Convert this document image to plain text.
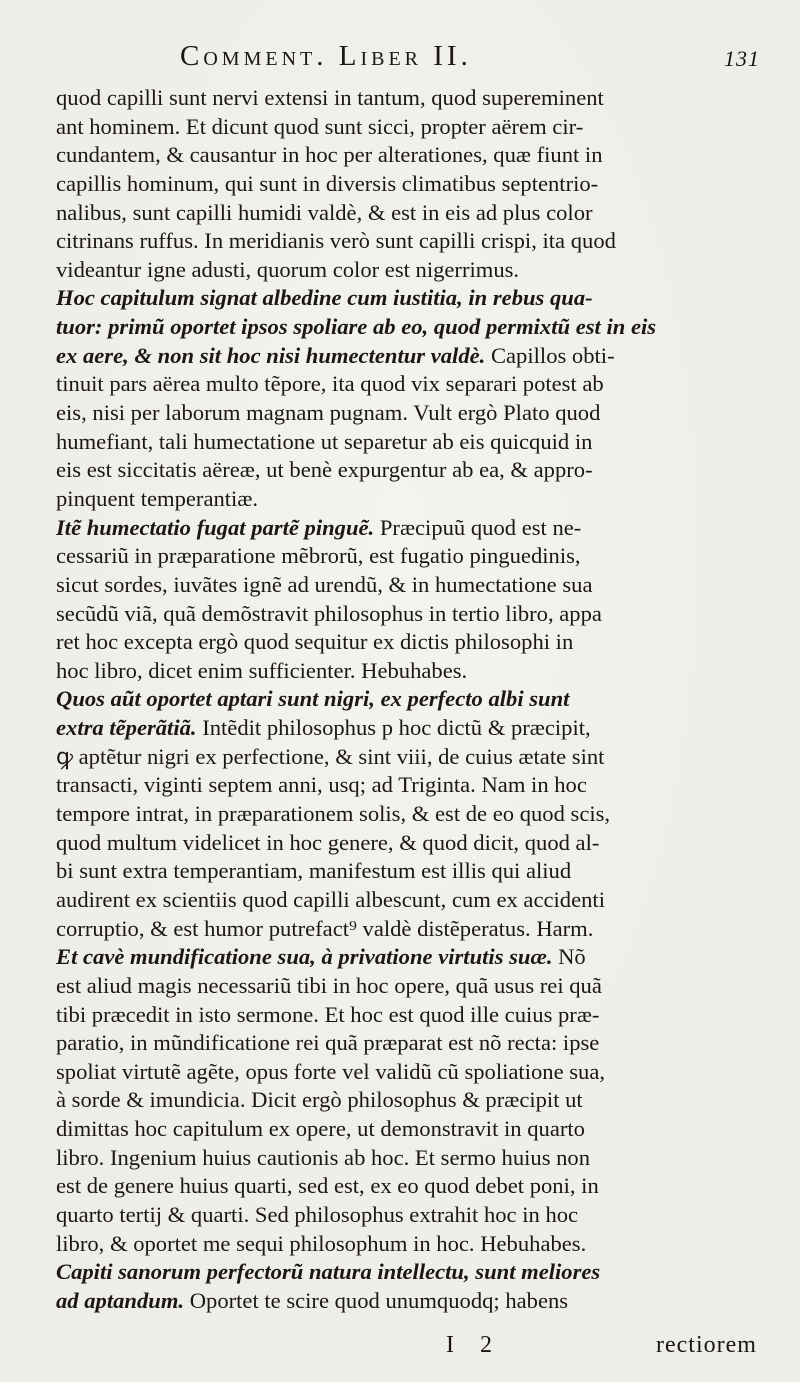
Comment. Liber II.	131
quod capilli sunt nervi extensi in tantum, quod supereminent
ant hominem. Et dicunt quod sunt sicci, propter aërem cir-
cundantem, & causantur in hoc per alterationes, quæ fiunt in
capillis hominum, qui sunt in diversis climatibus septentrio-
nalibus, sunt capilli humidi valdè, & est in eis ad plus color
citrinans ruffus. In meridianis verò sunt capilli crispi, ita quod
videantur igne adusti, quorum color est nigerrimus.
Hoc capitulum signat albedine cum iustitia, in rebus qua-
tuor: primũ oportet ipsos spoliare ab eo, quod permixtũ est in eis
ex aere, & non sit hoc nisi humectentur valdè. Capillos obti-
tinuit pars aërea multo tẽpore, ita quod vix separari potest ab
eis, nisi per laborum magnam pugnam. Vult ergò Plato quod
humefiant, tali humectatione ut separetur ab eis quicquid in
eis est siccitatis aëreæ, ut benè expurgentur ab ea, & appro-
pinquent temperantiæ.
Itẽ humectatio fugat partẽ pinguẽ. Præcipuũ quod est ne-
cessariũ in præparatione mẽbrorũ, est fugatio pinguedinis,
sicut sordes, iuvãtes ignẽ ad urendũ, & in humectatione sua
secũdũ viã, quã demõstravit philosophus in tertio libro, appa
ret hoc excepta ergò quod sequitur ex dictis philosophi in
hoc libro, dicet enim sufficienter. Hebuhabes.
Quos aũt oportet aptari sunt nigri, ex perfecto albi sunt
extra tẽperãtiã. Intẽdit philosophus p hoc dictũ & præcipit,
ꝙ aptẽtur nigri ex perfectione, & sint viii, de cuius ætate sint
transacti, viginti septem anni, usq; ad Triginta. Nam in hoc
tempore intrat, in præparationem solis, & est de eo quod scis,
quod multum videlicet in hoc genere, & quod dicit, quod al-
bi sunt extra temperantiam, manifestum est illis qui aliud
audirent ex scientiis quod capilli albescunt, cum ex accidenti
corruptio, & est humor putrefact⁹ valdè distẽperatus. Harm.
Et cavè mundificatione sua, à privatione virtutis suæ. Nõ
est aliud magis necessariũ tibi in hoc opere, quã usus rei quã
tibi præcedit in isto sermone. Et hoc est quod ille cuius præ-
paratio, in mũndificatione rei quã præparat est nõ recta: ipse
spoliat virtutẽ agẽte, opus forte vel validũ cũ spoliatione sua,
à sorde & imundicia. Dicit ergò philosophus & præcipit ut
dimittas hoc capitulum ex opere, ut demonstravit in quarto
libro. Ingenium huius cautionis ab hoc. Et sermo huius non
est de genere huius quarti, sed est, ex eo quod debet poni, in
quarto tertij & quarti. Sed philosophus extrahit hoc in hoc
libro, & oportet me sequi philosophum in hoc. Hebuhabes.
Capiti sanorum perfectorũ natura intellectu, sunt meliores
ad aptandum. Oportet te scire quod unumquodq; habens
I 2	rectiorem
